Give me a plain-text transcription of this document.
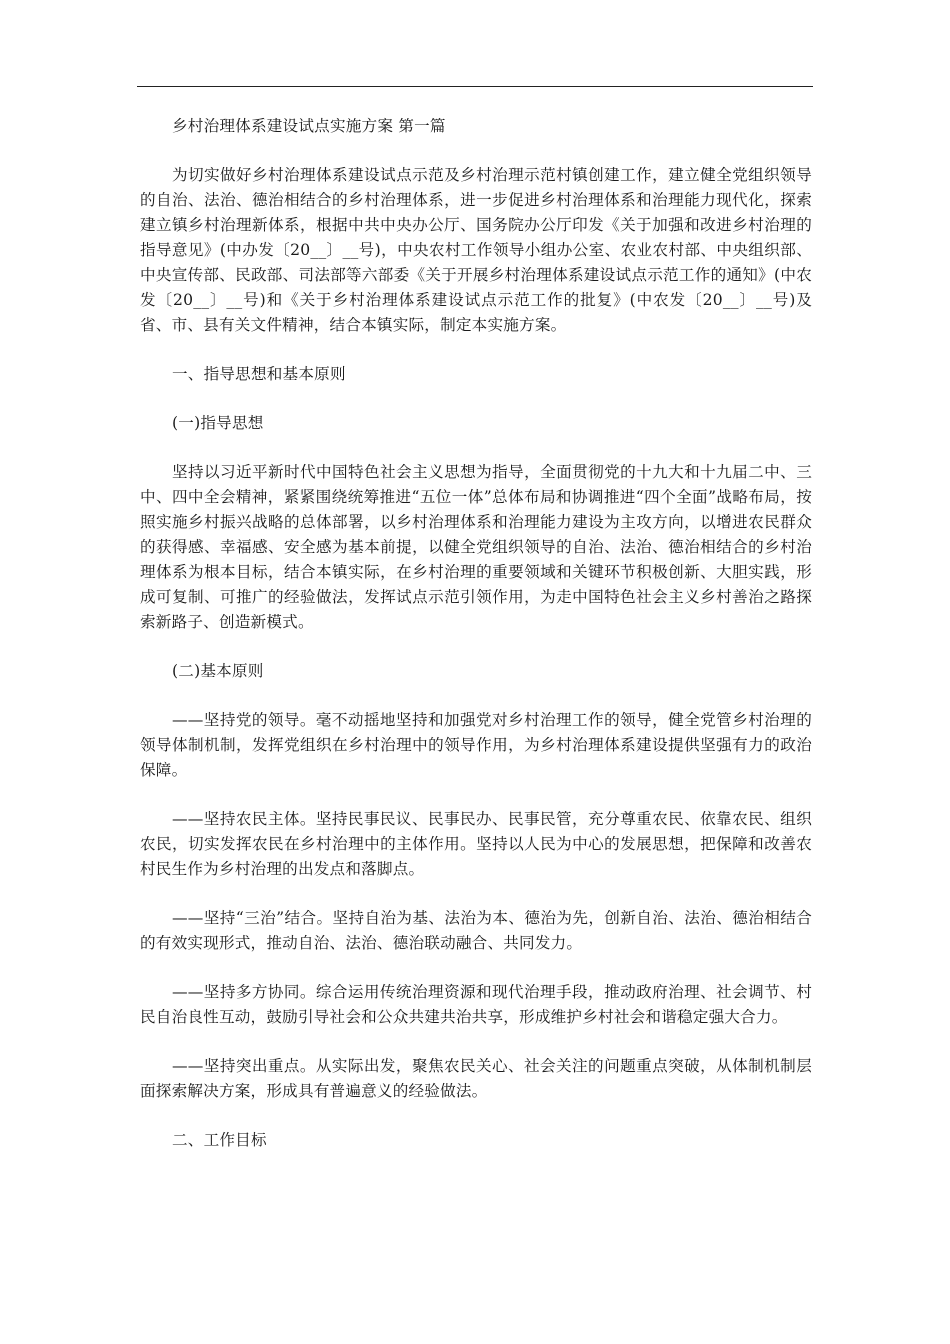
乡村治理体系建设试点实施方案 第一篇

为切实做好乡村治理体系建设试点示范及乡村治理示范村镇创建工作，建立健全党组织领导的自治、法治、德治相结合的乡村治理体系，进一步促进乡村治理体系和治理能力现代化，探索建立镇乡村治理新体系，根据中共中央办公厅、国务院办公厅印发《关于加强和改进乡村治理的指导意见》(中办发〔20__〕__号)，中央农村工作领导小组办公室、农业农村部、中央组织部、中央宣传部、民政部、司法部等六部委《关于开展乡村治理体系建设试点示范工作的通知》(中农发〔20__〕__号)和《关于乡村治理体系建设试点示范工作的批复》(中农发〔20__〕__号)及省、市、县有关文件精神，结合本镇实际，制定本实施方案。

一、指导思想和基本原则

(一)指导思想

坚持以习近平新时代中国特色社会主义思想为指导，全面贯彻党的十九大和十九届二中、三中、四中全会精神，紧紧围绕统筹推进“五位一体”总体布局和协调推进“四个全面”战略布局，按照实施乡村振兴战略的总体部署，以乡村治理体系和治理能力建设为主攻方向，以增进农民群众的获得感、幸福感、安全感为基本前提，以健全党组织领导的自治、法治、德治相结合的乡村治理体系为根本目标，结合本镇实际，在乡村治理的重要领域和关键环节积极创新、大胆实践，形成可复制、可推广的经验做法，发挥试点示范引领作用，为走中国特色社会主义乡村善治之路探索新路子、创造新模式。

(二)基本原则

——坚持党的领导。毫不动摇地坚持和加强党对乡村治理工作的领导，健全党管乡村治理的领导体制机制，发挥党组织在乡村治理中的领导作用，为乡村治理体系建设提供坚强有力的政治保障。

——坚持农民主体。坚持民事民议、民事民办、民事民管，充分尊重农民、依靠农民、组织农民，切实发挥农民在乡村治理中的主体作用。坚持以人民为中心的发展思想，把保障和改善农村民生作为乡村治理的出发点和落脚点。

——坚持“三治”结合。坚持自治为基、法治为本、德治为先，创新自治、法治、德治相结合的有效实现形式，推动自治、法治、德治联动融合、共同发力。

——坚持多方协同。综合运用传统治理资源和现代治理手段，推动政府治理、社会调节、村民自治良性互动，鼓励引导社会和公众共建共治共享，形成维护乡村社会和谐稳定强大合力。

——坚持突出重点。从实际出发，聚焦农民关心、社会关注的问题重点突破，从体制机制层面探索解决方案，形成具有普遍意义的经验做法。

二、工作目标
